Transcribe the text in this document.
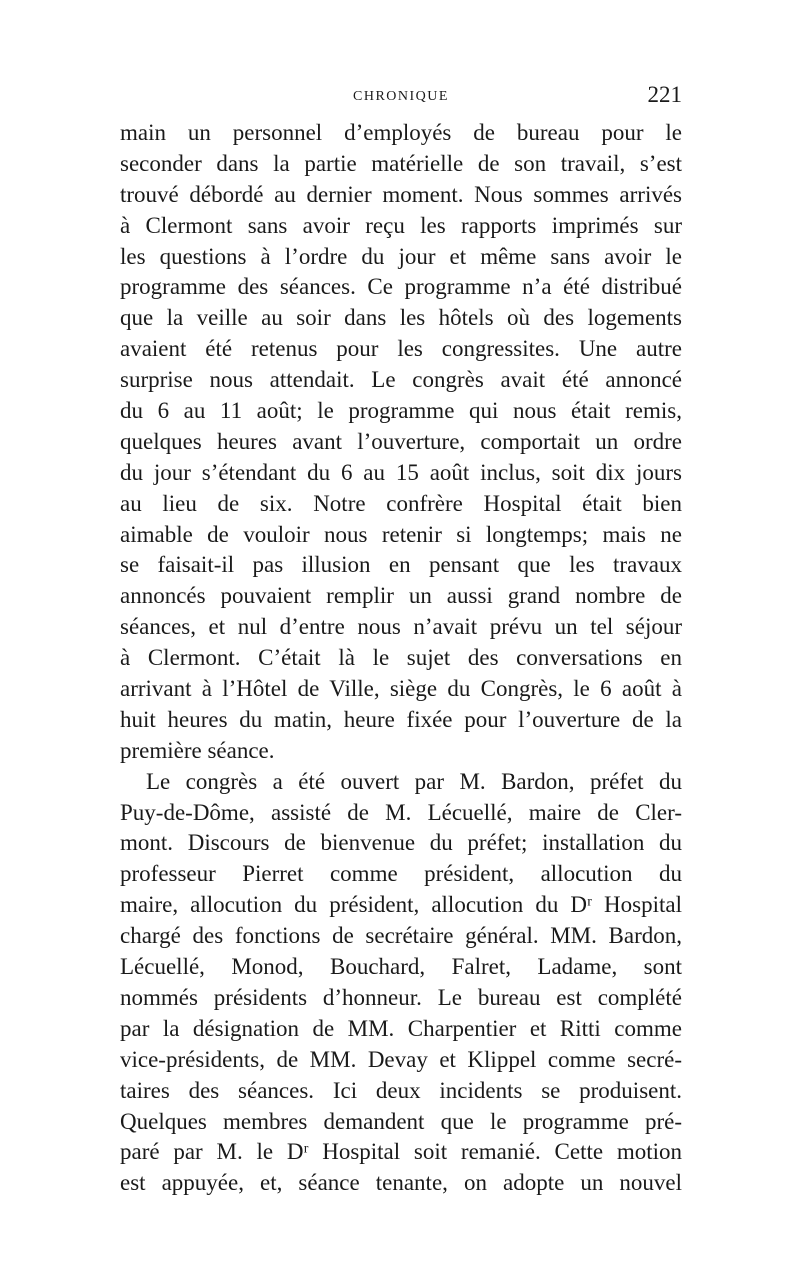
CHRONIQUE	221
main un personnel d’employés de bureau pour le
seconder dans la partie matérielle de son travail, s’est
trouvé débordé au dernier moment. Nous sommes arrivés
à Clermont sans avoir reçu les rapports imprimés sur
les questions à l’ordre du jour et même sans avoir le
programme des séances. Ce programme n’a été distribué
que la veille au soir dans les hôtels où des logements
avaient été retenus pour les congressites. Une autre
surprise nous attendait. Le congrès avait été annoncé
du 6 au 11 août; le programme qui nous était remis,
quelques heures avant l’ouverture, comportait un ordre
du jour s’étendant du 6 au 15 août inclus, soit dix jours
au lieu de six. Notre confrère Hospital était bien
aimable de vouloir nous retenir si longtemps; mais ne
se faisait-il pas illusion en pensant que les travaux
annoncés pouvaient remplir un aussi grand nombre de
séances, et nul d’entre nous n’avait prévu un tel séjour
à Clermont. C’était là le sujet des conversations en
arrivant à l’Hôtel de Ville, siège du Congrès, le 6 août à
huit heures du matin, heure fixée pour l’ouverture de la
première séance.
Le congrès a été ouvert par M. Bardon, préfet du
Puy-de-Dôme, assisté de M. Lécuellé, maire de Cler-
mont. Discours de bienvenue du préfet; installation du
professeur Pierret comme président, allocution du
maire, allocution du président, allocution du Dʳ Hospital
chargé des fonctions de secrétaire général. MM. Bardon,
Lécuellé, Monod, Bouchard, Falret, Ladame, sont
nommés présidents d’honneur. Le bureau est complété
par la désignation de MM. Charpentier et Ritti comme
vice-présidents, de MM. Devay et Klippel comme secré-
taires des séances. Ici deux incidents se produisent.
Quelques membres demandent que le programme pré-
paré par M. le Dʳ Hospital soit remanié. Cette motion
est appuyée, et, séance tenante, on adopte un nouvel
